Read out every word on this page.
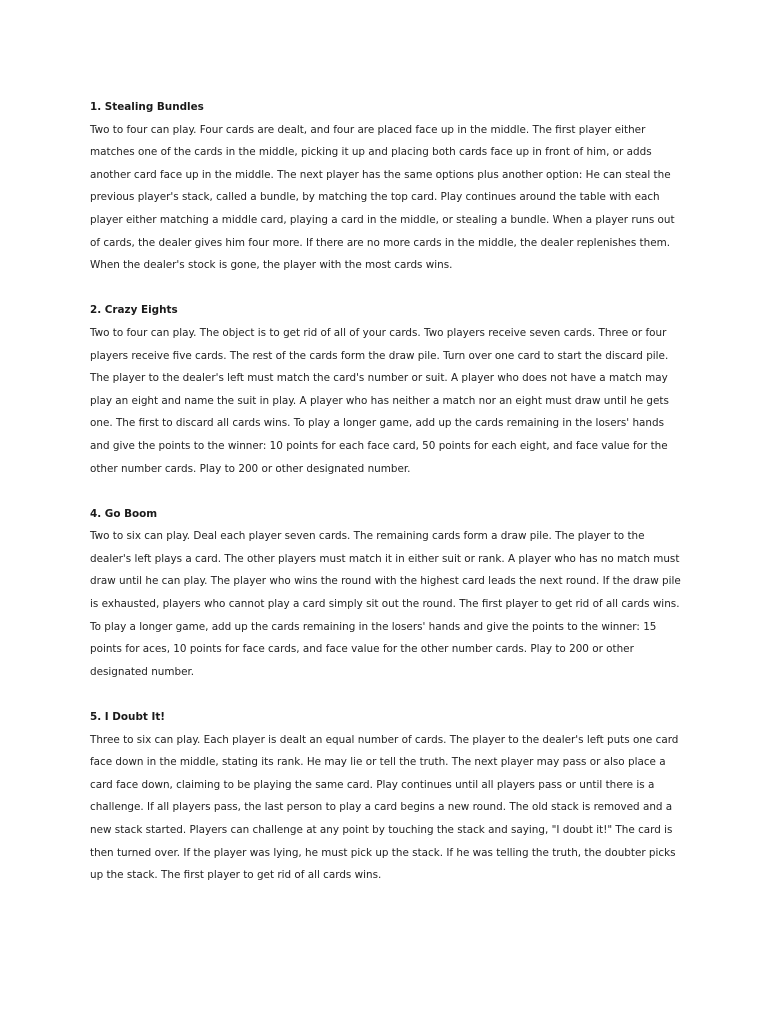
1. Stealing Bundles

Two to four can play. Four cards are dealt, and four are placed face up in the middle. The first player either matches one of the cards in the middle, picking it up and placing both cards face up in front of him, or adds another card face up in the middle. The next player has the same options plus another option: He can steal the previous player's stack, called a bundle, by matching the top card. Play continues around the table with each player either matching a middle card, playing a card in the middle, or stealing a bundle. When a player runs out of cards, the dealer gives him four more. If there are no more cards in the middle, the dealer replenishes them. When the dealer's stock is gone, the player with the most cards wins.

2. Crazy Eights

Two to four can play. The object is to get rid of all of your cards. Two players receive seven cards. Three or four players receive five cards. The rest of the cards form the draw pile. Turn over one card to start the discard pile. The player to the dealer's left must match the card's number or suit. A player who does not have a match may play an eight and name the suit in play. A player who has neither a match nor an eight must draw until he gets one. The first to discard all cards wins. To play a longer game, add up the cards remaining in the losers' hands and give the points to the winner: 10 points for each face card, 50 points for each eight, and face value for the other number cards. Play to 200 or other designated number.

4. Go Boom

Two to six can play. Deal each player seven cards. The remaining cards form a draw pile. The player to the dealer's left plays a card. The other players must match it in either suit or rank. A player who has no match must draw until he can play. The player who wins the round with the highest card leads the next round. If the draw pile is exhausted, players who cannot play a card simply sit out the round. The first player to get rid of all cards wins. To play a longer game, add up the cards remaining in the losers' hands and give the points to the winner: 15 points for aces, 10 points for face cards, and face value for the other number cards. Play to 200 or other designated number.

5. I Doubt It!

Three to six can play. Each player is dealt an equal number of cards. The player to the dealer's left puts one card face down in the middle, stating its rank. He may lie or tell the truth. The next player may pass or also place a card face down, claiming to be playing the same card. Play continues until all players pass or until there is a challenge. If all players pass, the last person to play a card begins a new round. The old stack is removed and a new stack started. Players can challenge at any point by touching the stack and saying, "I doubt it!" The card is then turned over. If the player was lying, he must pick up the stack. If he was telling the truth, the doubter picks up the stack. The first player to get rid of all cards wins.
